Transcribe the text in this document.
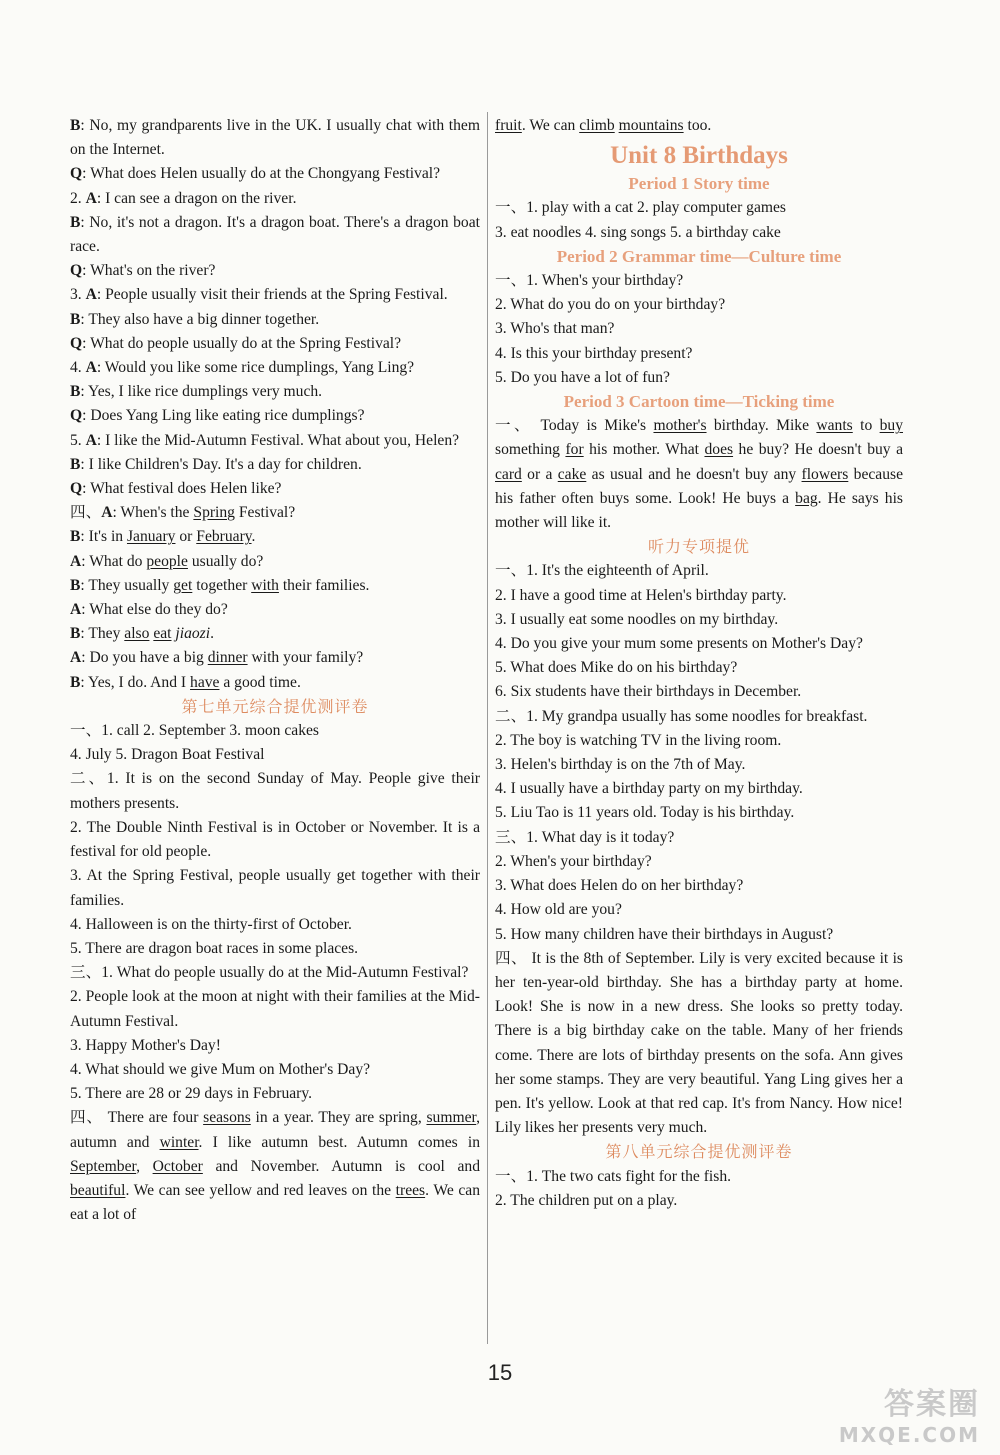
B: No, my grandparents live in the UK. I usually chat with them on the Internet.
Q: What does Helen usually do at the Chongyang Festival?
2. A: I can see a dragon on the river.
B: No, it's not a dragon. It's a dragon boat. There's a dragon boat race.
Q: What's on the river?
3. A: People usually visit their friends at the Spring Festival.
B: They also have a big dinner together.
Q: What do people usually do at the Spring Festival?
4. A: Would you like some rice dumplings, Yang Ling?
B: Yes, I like rice dumplings very much.
Q: Does Yang Ling like eating rice dumplings?
5. A: I like the Mid-Autumn Festival. What about you, Helen?
B: I like Children's Day. It's a day for children.
Q: What festival does Helen like?
四、A: When's the Spring Festival?
B: It's in January or February.
A: What do people usually do?
B: They usually get together with their families.
A: What else do they do?
B: They also eat jiaozi.
A: Do you have a big dinner with your family?
B: Yes, I do. And I have a good time.
第七单元综合提优测评卷
一、1. call 2. September 3. moon cakes
4. July 5. Dragon Boat Festival
二、1. It is on the second Sunday of May. People give their mothers presents.
2. The Double Ninth Festival is in October or November. It is a festival for old people.
3. At the Spring Festival, people usually get together with their families.
4. Halloween is on the thirty-first of October.
5. There are dragon boat races in some places.
三、1. What do people usually do at the Mid-Autumn Festival?
2. People look at the moon at night with their families at the Mid-Autumn Festival.
3. Happy Mother's Day!
4. What should we give Mum on Mother's Day?
5. There are 28 or 29 days in February.
四、 There are four seasons in a year. They are spring, summer, autumn and winter. I like autumn best. Autumn comes in September, October and November. Autumn is cool and beautiful. We can see yellow and red leaves on the trees. We can eat a lot of
fruit. We can climb mountains too.
Unit 8 Birthdays
Period 1 Story time
一、1. play with a cat 2. play computer games
3. eat noodles 4. sing songs 5. a birthday cake
Period 2 Grammar time—Culture time
一、1. When's your birthday?
2. What do you do on your birthday?
3. Who's that man?
4. Is this your birthday present?
5. Do you have a lot of fun?
Period 3 Cartoon time—Ticking time
一、 Today is Mike's mother's birthday. Mike wants to buy something for his mother. What does he buy? He doesn't buy a card or a cake as usual and he doesn't buy any flowers because his father often buys some. Look! He buys a bag. He says his mother will like it.
听力专项提优
一、1. It's the eighteenth of April.
2. I have a good time at Helen's birthday party.
3. I usually eat some noodles on my birthday.
4. Do you give your mum some presents on Mother's Day?
5. What does Mike do on his birthday?
6. Six students have their birthdays in December.
二、1. My grandpa usually has some noodles for breakfast.
2. The boy is watching TV in the living room.
3. Helen's birthday is on the 7th of May.
4. I usually have a birthday party on my birthday.
5. Liu Tao is 11 years old. Today is his birthday.
三、1. What day is it today?
2. When's your birthday?
3. What does Helen do on her birthday?
4. How old are you?
5. How many children have their birthdays in August?
四、 It is the 8th of September. Lily is very excited because it is her ten-year-old birthday. She has a birthday party at home. Look! She is now in a new dress. She looks so pretty today. There is a big birthday cake on the table. Many of her friends come. There are lots of birthday presents on the sofa. Ann gives her some stamps. They are very beautiful. Yang Ling gives her a pen. It's yellow. Look at that red cap. It's from Nancy. How nice! Lily likes her presents very much.
第八单元综合提优测评卷
一、1. The two cats fight for the fish.
2. The children put on a play.
15
答案圈
MXQE.COM
